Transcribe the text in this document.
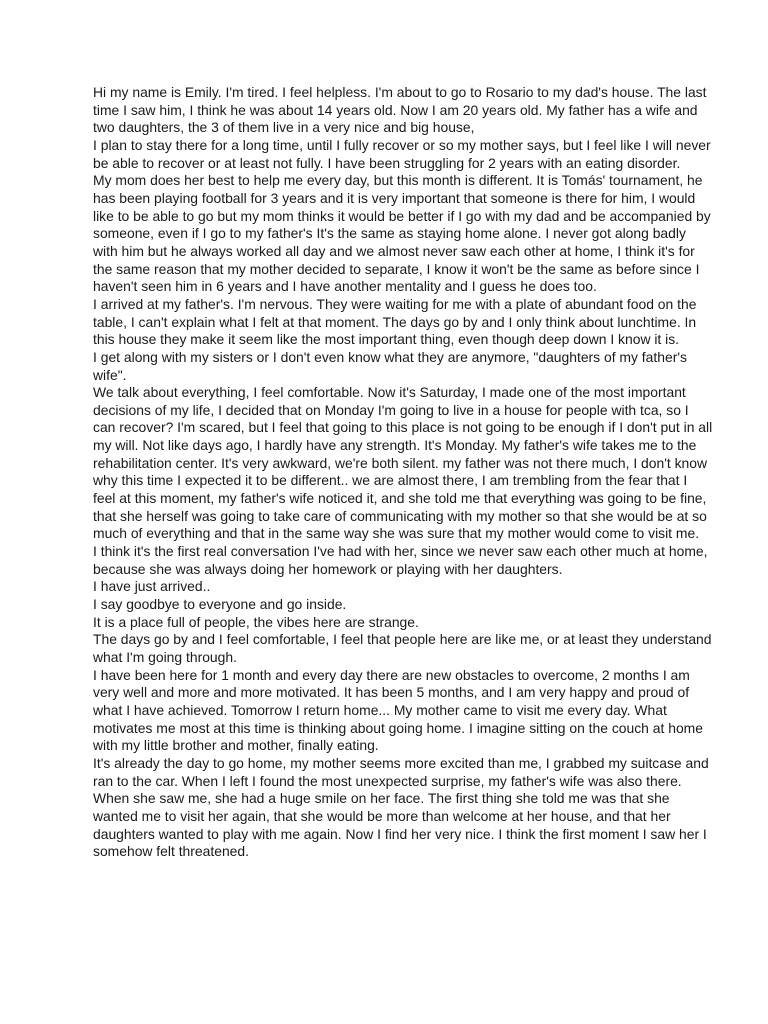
Hi my name is Emily. I'm tired. I feel helpless. I'm about to go to Rosario to my dad's house. The last time I saw him, I think he was about 14 years old. Now I am 20 years old. My father has a wife and two daughters, the 3 of them live in a very nice and big house,

I plan to stay there for a long time, until I fully recover or so my mother says, but I feel like I will never be able to recover or at least not fully. I have been struggling for 2 years with an eating disorder.

My mom does her best to help me every day, but this month is different. It is Tomás' tournament, he has been playing football for 3 years and it is very important that someone is there for him, I would like to be able to go but my mom thinks it would be better if I go with my dad and be accompanied by someone, even if I go to my father's It's the same as staying home alone. I never got along badly with him but he always worked all day and we almost never saw each other at home, I think it's for the same reason that my mother decided to separate, I know it won't be the same as before since I haven't seen him in 6 years and I have another mentality and I guess he does too.

I arrived at my father's. I'm nervous. They were waiting for me with a plate of abundant food on the table, I can't explain what I felt at that moment. The days go by and I only think about lunchtime. In this house they make it seem like the most important thing, even though deep down I know it is.

I get along with my sisters or I don't even know what they are anymore, "daughters of my father's wife".

We talk about everything, I feel comfortable. Now it's Saturday, I made one of the most important decisions of my life, I decided that on Monday I'm going to live in a house for people with tca, so I can recover? I'm scared, but I feel that going to this place is not going to be enough if I don't put in all my will. Not like days ago, I hardly have any strength. It's Monday. My father's wife takes me to the rehabilitation center. It's very awkward, we're both silent. my father was not there much, I don't know why this time I expected it to be different.. we are almost there, I am trembling from the fear that I feel at this moment, my father's wife noticed it, and she told me that everything was going to be fine, that she herself was going to take care of communicating with my mother so that she would be at so much of everything and that in the same way she was sure that my mother would come to visit me.

I think it's the first real conversation I've had with her, since we never saw each other much at home, because she was always doing her homework or playing with her daughters.

I have just arrived..

I say goodbye to everyone and go inside.

It is a place full of people, the vibes here are strange.

The days go by and I feel comfortable, I feel that people here are like me, or at least they understand what I'm going through.

I have been here for 1 month and every day there are new obstacles to overcome, 2 months I am very well and more and more motivated. It has been 5 months, and I am very happy and proud of what I have achieved. Tomorrow I return home... My mother came to visit me every day. What motivates me most at this time is thinking about going home. I imagine sitting on the couch at home with my little brother and mother, finally eating.

It's already the day to go home, my mother seems more excited than me, I grabbed my suitcase and ran to the car. When I left I found the most unexpected surprise, my father's wife was also there. When she saw me, she had a huge smile on her face. The first thing she told me was that she wanted me to visit her again, that she would be more than welcome at her house, and that her daughters wanted to play with me again. Now I find her very nice. I think the first moment I saw her I somehow felt threatened.
